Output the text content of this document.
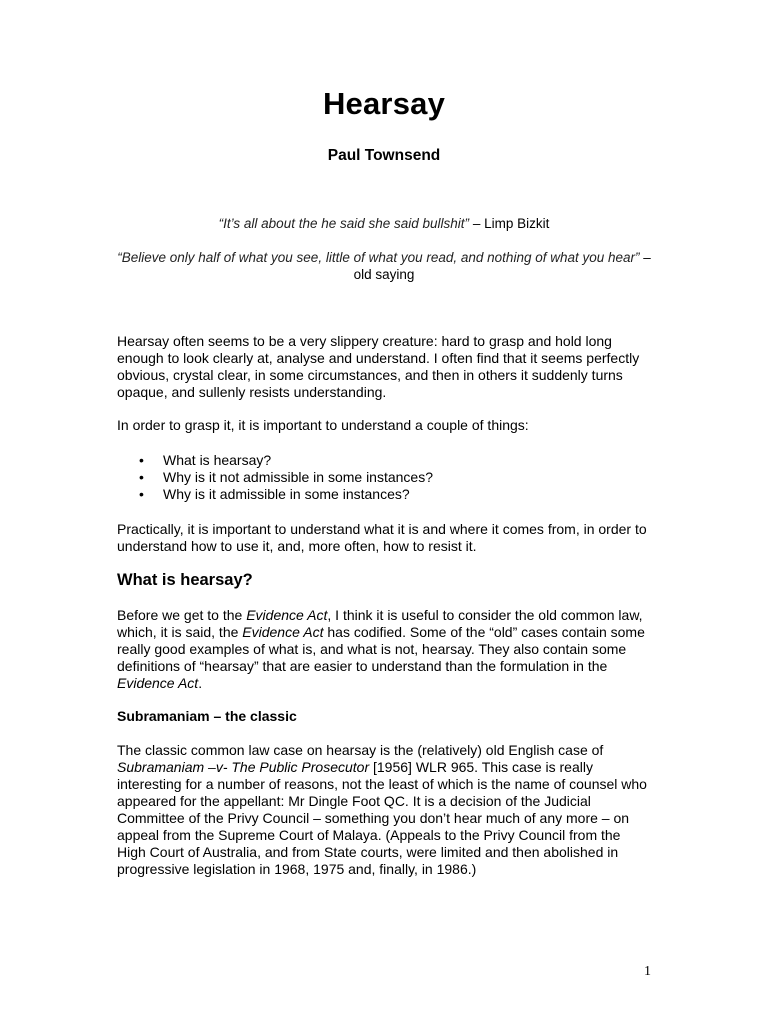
Hearsay
Paul Townsend
“It’s all about the he said she said bullshit” – Limp Bizkit
“Believe only half of what you see, little of what you read, and nothing of what you hear” – old saying
Hearsay often seems to be a very slippery creature: hard to grasp and hold long enough to look clearly at, analyse and understand. I often find that it seems perfectly obvious, crystal clear, in some circumstances, and then in others it suddenly turns opaque, and sullenly resists understanding.
In order to grasp it, it is important to understand a couple of things:
• What is hearsay?
• Why is it not admissible in some instances?
• Why is it admissible in some instances?
Practically, it is important to understand what it is and where it comes from, in order to understand how to use it, and, more often, how to resist it.
What is hearsay?
Before we get to the Evidence Act, I think it is useful to consider the old common law, which, it is said, the Evidence Act has codified. Some of the “old” cases contain some really good examples of what is, and what is not, hearsay. They also contain some definitions of “hearsay” that are easier to understand than the formulation in the Evidence Act.
Subramaniam – the classic
The classic common law case on hearsay is the (relatively) old English case of Subramaniam –v- The Public Prosecutor [1956] WLR 965. This case is really interesting for a number of reasons, not the least of which is the name of counsel who appeared for the appellant: Mr Dingle Foot QC. It is a decision of the Judicial Committee of the Privy Council – something you don’t hear much of any more – on appeal from the Supreme Court of Malaya. (Appeals to the Privy Council from the High Court of Australia, and from State courts, were limited and then abolished in progressive legislation in 1968, 1975 and, finally, in 1986.)
1
